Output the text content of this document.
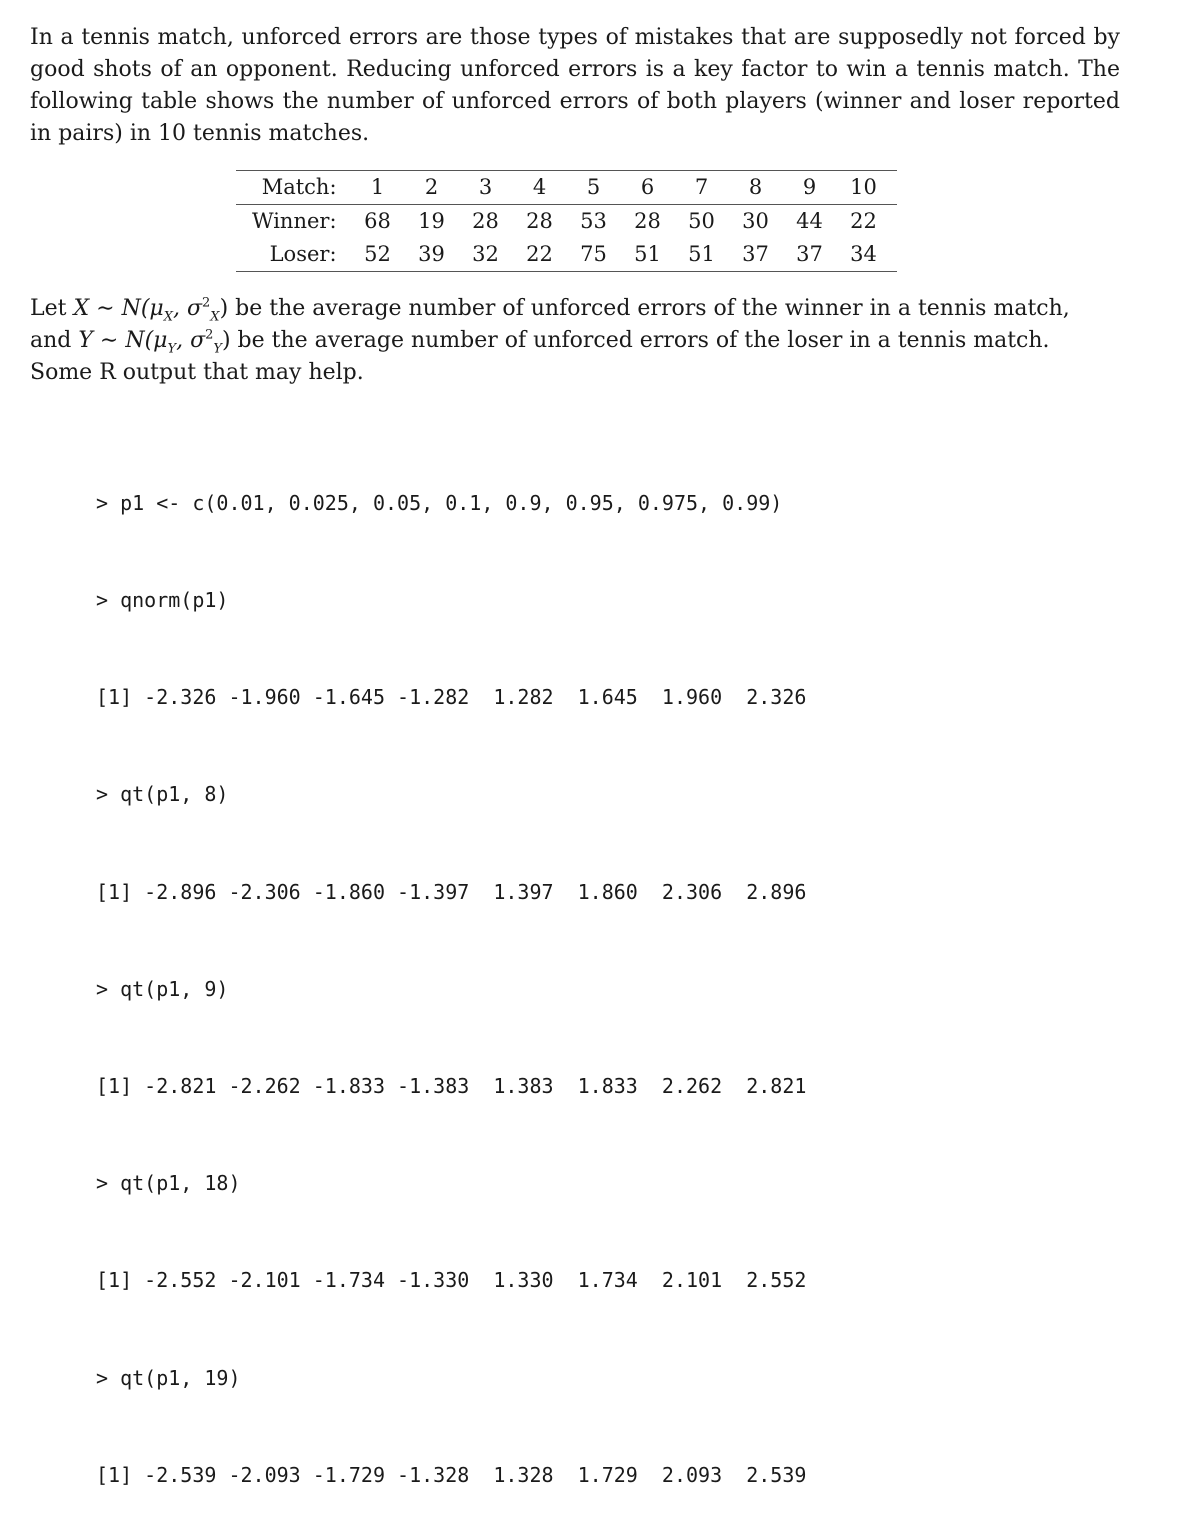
In a tennis match, unforced errors are those types of mistakes that are supposedly not forced by good shots of an opponent. Reducing unforced errors is a key factor to win a tennis match. The following table shows the number of unforced errors of both players (winner and loser reported in pairs) in 10 tennis matches.

Match:	1	2	3	4	5	6	7	8	9	10
Winner:	68	19	28	28	53	28	50	30	44	22
Loser:	52	39	32	22	75	51	51	37	37	34
Let X ∼ $N(\mu_X$, $\sigma^2_X$) be the average number of unforced errors of the winner in a tennis match,
and Y ∼ $N(\mu_Y$, $\sigma^2_Y$) be the average number of unforced errors of the loser in a tennis match.
Some R output that may help.

> p1 <- c(0.01, 0.025, 0.05, 0.1, 0.9, 0.95, 0.975, 0.99)

> qnorm(p1)

[1] -2.326 -1.960 -1.645 -1.282  1.282  1.645  1.960  2.326

> qt(p1, 8)

[1] -2.896 -2.306 -1.860 -1.397  1.397  1.860  2.306  2.896

> qt(p1, 9)

[1] -2.821 -2.262 -1.833 -1.383  1.383  1.833  2.262  2.821

> qt(p1, 18)

[1] -2.552 -2.101 -1.734 -1.330  1.330  1.734  2.101  2.552

> qt(p1, 19)

[1] -2.539 -2.093 -1.729 -1.328  1.328  1.729  2.093  2.539
